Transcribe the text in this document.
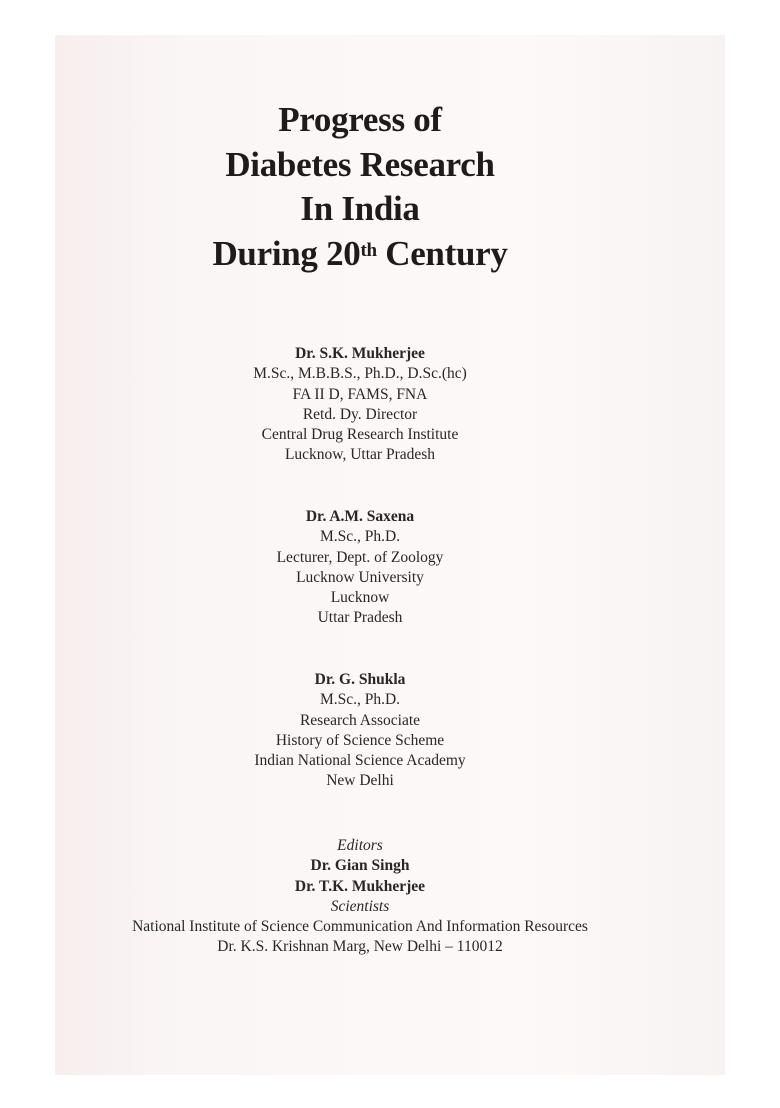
Progress of
Diabetes Research
In India
During 20th Century
Dr. S.K. Mukherjee
M.Sc., M.B.B.S., Ph.D., D.Sc.(hc)
FA II D, FAMS, FNA
Retd. Dy. Director
Central Drug Research Institute
Lucknow, Uttar Pradesh
Dr. A.M. Saxena
M.Sc., Ph.D.
Lecturer, Dept. of Zoology
Lucknow University
Lucknow
Uttar Pradesh
Dr. G. Shukla
M.Sc., Ph.D.
Research Associate
History of Science Scheme
Indian National Science Academy
New Delhi
Editors
Dr. Gian Singh
Dr. T.K. Mukherjee
Scientists
National Institute of Science Communication And Information Resources
Dr. K.S. Krishnan Marg, New Delhi – 110012
